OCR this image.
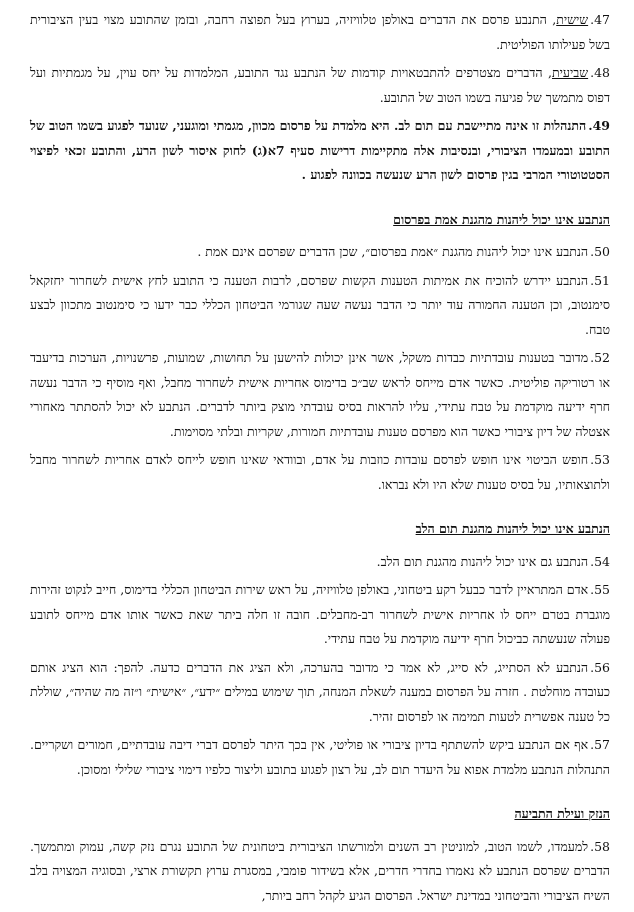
47.שישית, התנבע פרסם את הדברים באולפן טלוויזיה, בערוץ בעל תפוצה רחבה, ובזמן שהתובע מצוי בעין הציבורית בשל פעילותו הפוליטית.

48.שביעית, הדברים מצטרפים להתבטאויות קודמות של הנתבע נגד התובע, המלמדות על יחס עוין, על מגמתיות ועל דפוס מתמשך של פגיעה בשמו הטוב של התובע.

49.התנהלות זו אינה מתיישבת עם תום לב. היא מלמדת על פרסום מכוון, מגמתי ומוגעני, שנועד לפגוע בשמו הטוב של התובע ובמעמדו הציבורי, ובנסיבות אלה מתקיימות דרישות סעיף 7א(ג) לחוק איסור לשון הרע, והתובע זכאי לפיצוי הסטטוטורי המרבי בגין פרסום לשון הרע שנעשה בכוונה לפגוע .

הנתבע אינו יכול ליהנות מהגנת אמת בפרסום

50.הנתבע אינו יכול ליהנות מהגנת ״אמת בפרסום״, שכן הדברים שפרסם אינם אמת .

51.הנתבע יידרש להוכיח את אמיתות הטענות הקשות שפרסם, לרבות הטענה כי התובע לחץ אישית לשחרור יחזקאל סימנטוב, וכן הטענה החמורה עוד יותר כי הדבר נעשה שעה שגורמי הביטחון הכללי כבר ידעו כי סימנטוב מתכוון לבצע טבח.

52.מדובר בטענות עובדתיות כבדות משקל, אשר אינן יכולות להישען על תחושות, שמועות, פרשנויות, הערכות בדיעבד או רטוריקה פוליטית. כאשר אדם מייחס לראש שב״כ בדימוס אחריות אישית לשחרור מחבל, ואף מוסיף כי הדבר נעשה חרף ידיעה מוקדמת על טבח עתידי, עליו להראות בסיס עובדתי מוצק ביותר לדברים. הנתבע לא יכול להסתתר מאחורי אצטלה של דיון ציבורי כאשר הוא מפרסם טענות עובדתיות חמורות, שקריות ובלתי מסוימות.

53.חופש הביטוי אינו חופש לפרסם עובדות כוזבות על אדם, ובוודאי שאינו חופש לייחס לאדם אחריות לשחרור מחבל ולתוצאותיו, על בסיס טענות שלא היו ולא נבראו.

הנתבע אינו יכול ליהנות מהגנת תום הלב

54.הנתבע גם אינו יכול ליהנות מהגנת תום הלב.

55.אדם המתראיין לדבר כבעל רקע ביטחוני, באולפן טלוויזיה, על ראש שירות הביטחון הכללי בדימוס, חייב לנקוט זהירות מוגברת בטרם ייחס לו אחריות אישית לשחרור רב-מחבלים. חובה זו חלה ביתר שאת כאשר אותו אדם מייחס לתובע פעולה שנעשתה כביכול חרף ידיעה מוקדמת על טבח עתידי.

56.הנתבע לא הסתייג, לא סייג, לא אמר כי מדובר בהערכה, ולא הציג את הדברים כדעה. להפך: הוא הציג אותם כעובדה מוחלטת . חזרה על הפרסום במענה לשאלת המנחה, תוך שימוש במילים ״ידע״, ״אישית״ ו״זה מה שהיה״, שוללת כל טענה אפשרית לטעות תמימה או לפרסום זהיר.

57.אף אם הנתבע ביקש להשתתף בדיון ציבורי או פוליטי, אין בכך היתר לפרסם דברי דיבה עובדתיים, חמורים ושקריים. התנהלות הנתבע מלמדת אפוא על היעדר תום לב, על רצון לפגוע בתובע וליצור כלפיו דימוי ציבורי שלילי ומסוכן.

הנזק ועילת התביעה

58.למעמדו, לשמו הטוב, למוניטין רב השנים ולמורשתו הציבורית ביטחונית של התובע נגרם נזק קשה, עמוק ומתמשך. הדברים שפרסם הנתבע לא נאמרו בחדרי חדרים, אלא בשידור פומבי, במסגרת ערוץ תקשורת ארצי, ובסוגיה המצויה בלב השיח הציבורי והביטחוני במדינת ישראל. הפרסום הגיע לקהל רחב ביותר,
